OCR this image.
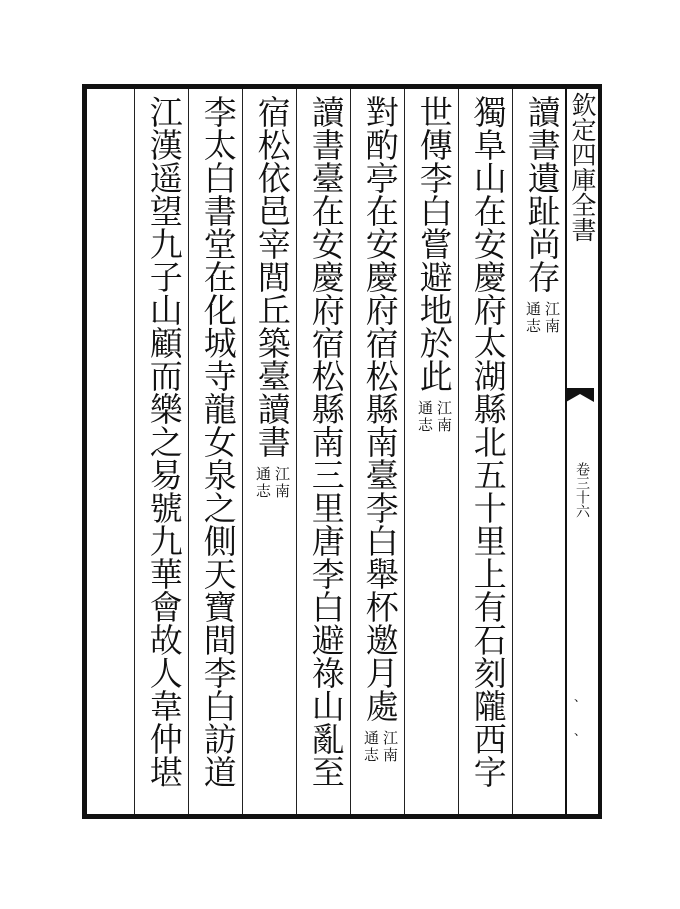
欽定四庫全書
卷三十六
、
、
讀書遺趾尚存
江南
通志
獨阜山在安慶府太湖縣北五十里上有石刻隴西字
世傳李白嘗避地於此
江南
通志
對酌亭在安慶府宿松縣南臺李白舉杯邀月處
江南
通志
讀書臺在安慶府宿松縣南三里唐李白避祿山亂至
宿松依邑宰閭丘築臺讀書
江南
通志
李太白書堂在化城寺龍女泉之側天寶間李白訪道
江漢遥望九子山顧而樂之易號九華會故人韋仲堪
